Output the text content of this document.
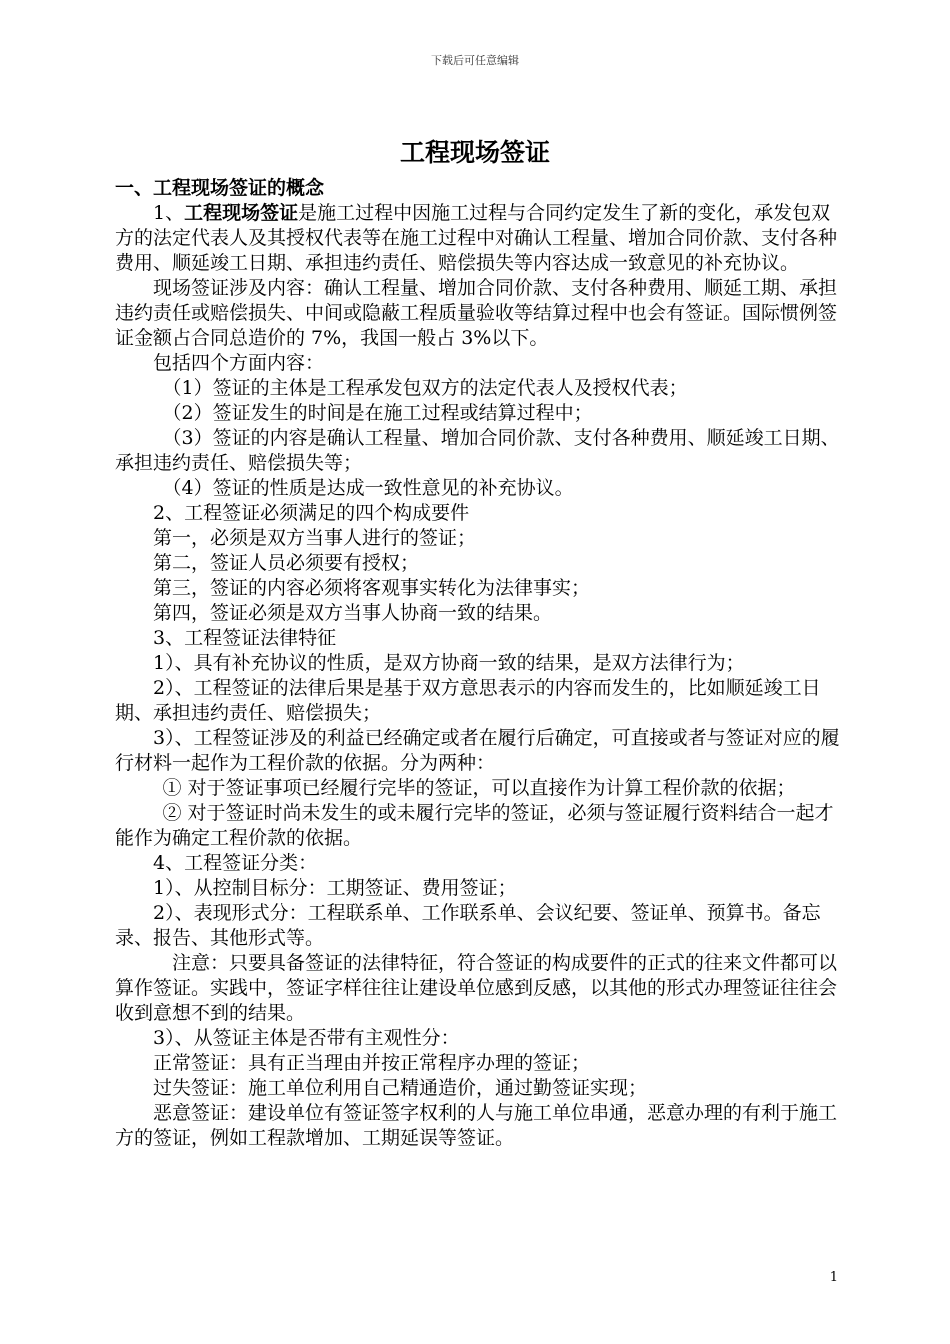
下载后可任意编辑
工程现场签证

一、工程现场签证的概念

1、工程现场签证是施工过程中因施工过程与合同约定发生了新的变化，承发包双方的法定代表人及其授权代表等在施工过程中对确认工程量、增加合同价款、支付各种费用、顺延竣工日期、承担违约责任、赔偿损失等内容达成一致意见的补充协议。

现场签证涉及内容：确认工程量、增加合同价款、支付各种费用、顺延工期、承担违约责任或赔偿损失、中间或隐蔽工程质量验收等结算过程中也会有签证。国际惯例签证金额占合同总造价的 7%，我国一般占 3%以下。

包括四个方面内容：

（1）签证的主体是工程承发包双方的法定代表人及授权代表；

（2）签证发生的时间是在施工过程或结算过程中；

（3）签证的内容是确认工程量、增加合同价款、支付各种费用、顺延竣工日期、承担违约责任、赔偿损失等；

（4）签证的性质是达成一致性意见的补充协议。

2、工程签证必须满足的四个构成要件

第一，必须是双方当事人进行的签证；

第二，签证人员必须要有授权；

第三，签证的内容必须将客观事实转化为法律事实；

第四，签证必须是双方当事人协商一致的结果。

3、工程签证法律特征

1）、具有补充协议的性质，是双方协商一致的结果，是双方法律行为；

2）、工程签证的法律后果是基于双方意思表示的内容而发生的，比如顺延竣工日期、承担违约责任、赔偿损失；

3）、工程签证涉及的利益已经确定或者在履行后确定，可直接或者与签证对应的履行材料一起作为工程价款的依据。分为两种：

① 对于签证事项已经履行完毕的签证，可以直接作为计算工程价款的依据；

② 对于签证时尚未发生的或未履行完毕的签证，必须与签证履行资料结合一起才能作为确定工程价款的依据。

4、工程签证分类：

1）、从控制目标分：工期签证、费用签证；

2）、表现形式分：工程联系单、工作联系单、会议纪要、签证单、预算书。备忘录、报告、其他形式等。

注意：只要具备签证的法律特征，符合签证的构成要件的正式的往来文件都可以算作签证。实践中，签证字样往往让建设单位感到反感，以其他的形式办理签证往往会收到意想不到的结果。

3）、从签证主体是否带有主观性分：

正常签证：具有正当理由并按正常程序办理的签证；

过失签证：施工单位利用自己精通造价，通过勤签证实现；

恶意签证：建设单位有签证签字权利的人与施工单位串通，恶意办理的有利于施工方的签证，例如工程款增加、工期延误等签证。

1
